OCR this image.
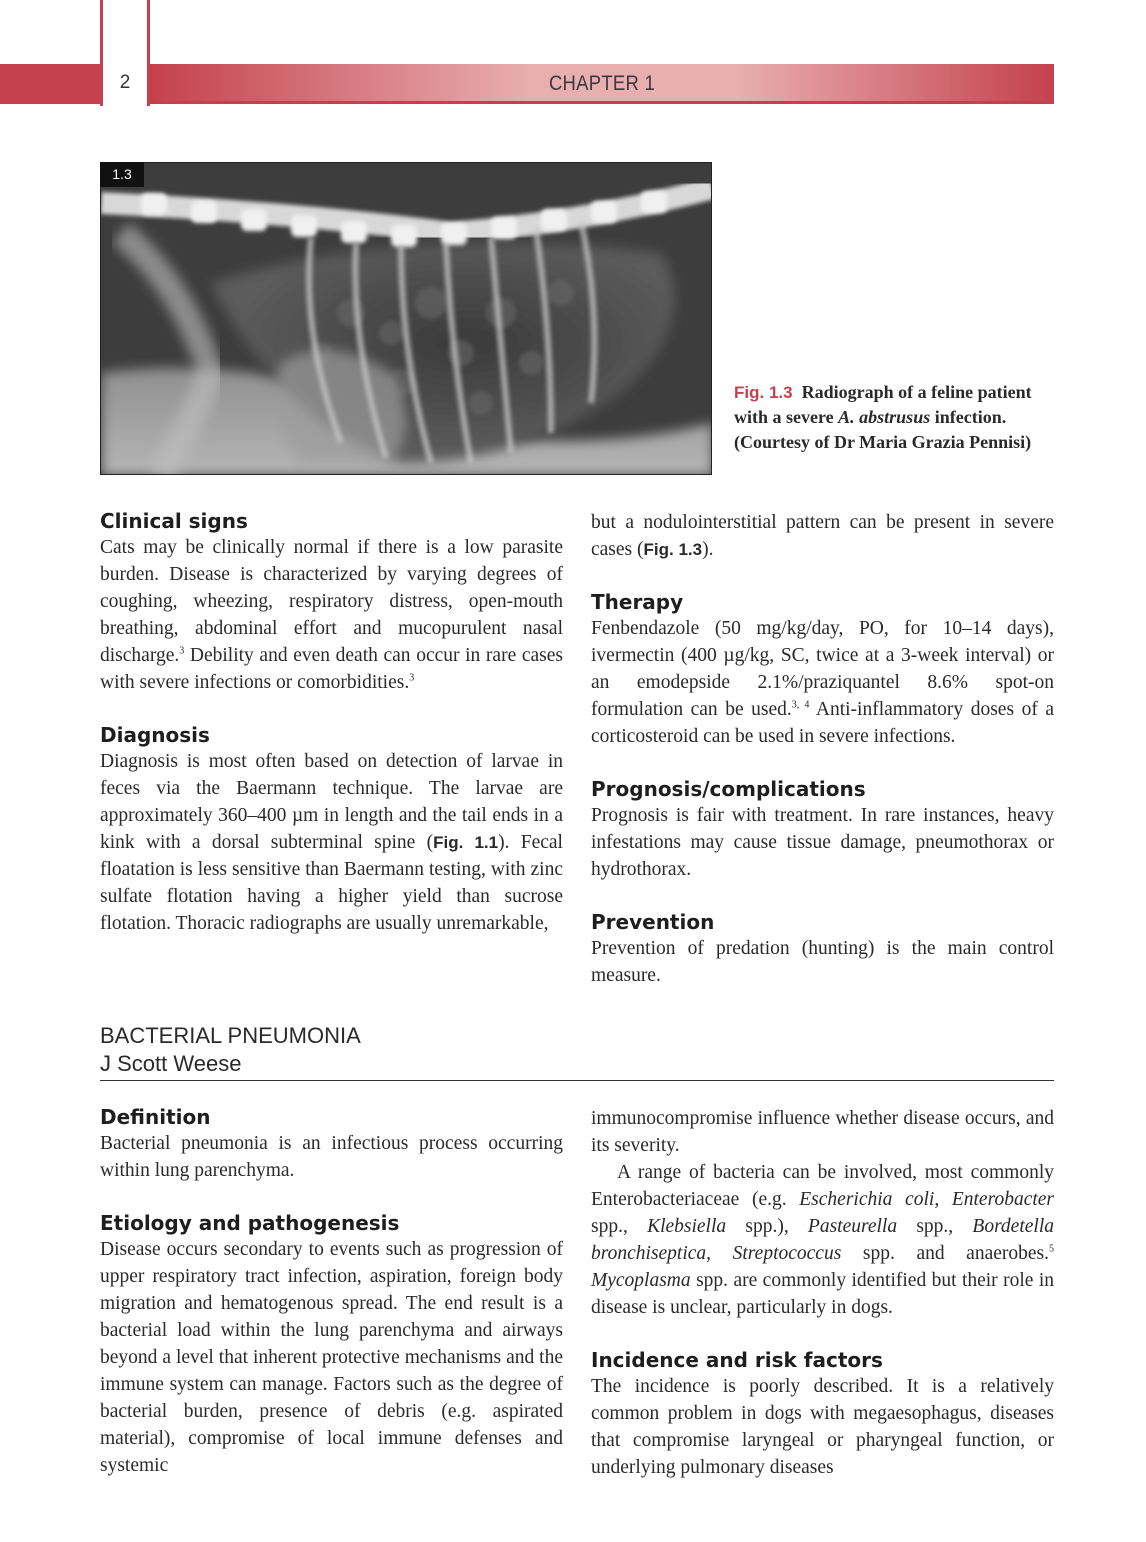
2	CHAPTER 1
1.3
Fig. 1.3 Radiograph of a feline patient with a severe A. abstrusus infection. (Courtesy of Dr Maria Grazia Pennisi)
Clinical signs

Cats may be clinically normal if there is a low parasite burden. Disease is characterized by varying degrees of coughing, wheezing, respiratory distress, open-mouth breathing, abdominal effort and mucopurulent nasal discharge.$^3$ Debility and even death can occur in rare cases with severe infections or comorbidities.$^3$

Diagnosis

Diagnosis is most often based on detection of larvae in feces via the Baermann technique. The larvae are approximately 360–400 µm in length and the tail ends in a kink with a dorsal subterminal spine (Fig. 1.1). Fecal floatation is less sensitive than Baermann testing, with zinc sulfate flotation having a higher yield than sucrose flotation. Thoracic radiographs are usually unremarkable,

but a nodulointerstitial pattern can be present in severe cases (Fig. 1.3).

Therapy

Fenbendazole (50 mg/kg/day, PO, for 10–14 days), ivermectin (400 µg/kg, SC, twice at a 3-week interval) or an emodepside 2.1%/praziquantel 8.6% spot-on formulation can be used.$^{3, 4}$ Anti-inflammatory doses of a corticosteroid can be used in severe infections.

Prognosis/complications

Prognosis is fair with treatment. In rare instances, heavy infestations may cause tissue damage, pneumothorax or hydrothorax.

Prevention

Prevention of predation (hunting) is the main control measure.

BACTERIAL PNEUMONIA
J Scott Weese
Definition

Bacterial pneumonia is an infectious process occurring within lung parenchyma.

Etiology and pathogenesis

Disease occurs secondary to events such as progression of upper respiratory tract infection, aspiration, foreign body migration and hematogenous spread. The end result is a bacterial load within the lung parenchyma and airways beyond a level that inherent protective mechanisms and the immune system can manage. Factors such as the degree of bacterial burden, presence of debris (e.g. aspirated material), compromise of local immune defenses and systemic

immunocompromise influence whether disease occurs, and its severity.

A range of bacteria can be involved, most commonly Enterobacteriaceae (e.g. Escherichia coli, Enterobacter spp., Klebsiella spp.), Pasteurella spp., Bordetella bronchiseptica, Streptococcus spp. and anaerobes.$^5$ Mycoplasma spp. are commonly identified but their role in disease is unclear, particularly in dogs.

Incidence and risk factors

The incidence is poorly described. It is a relatively common problem in dogs with megaesophagus, diseases that compromise laryngeal or pharyngeal function, or underlying pulmonary diseases
